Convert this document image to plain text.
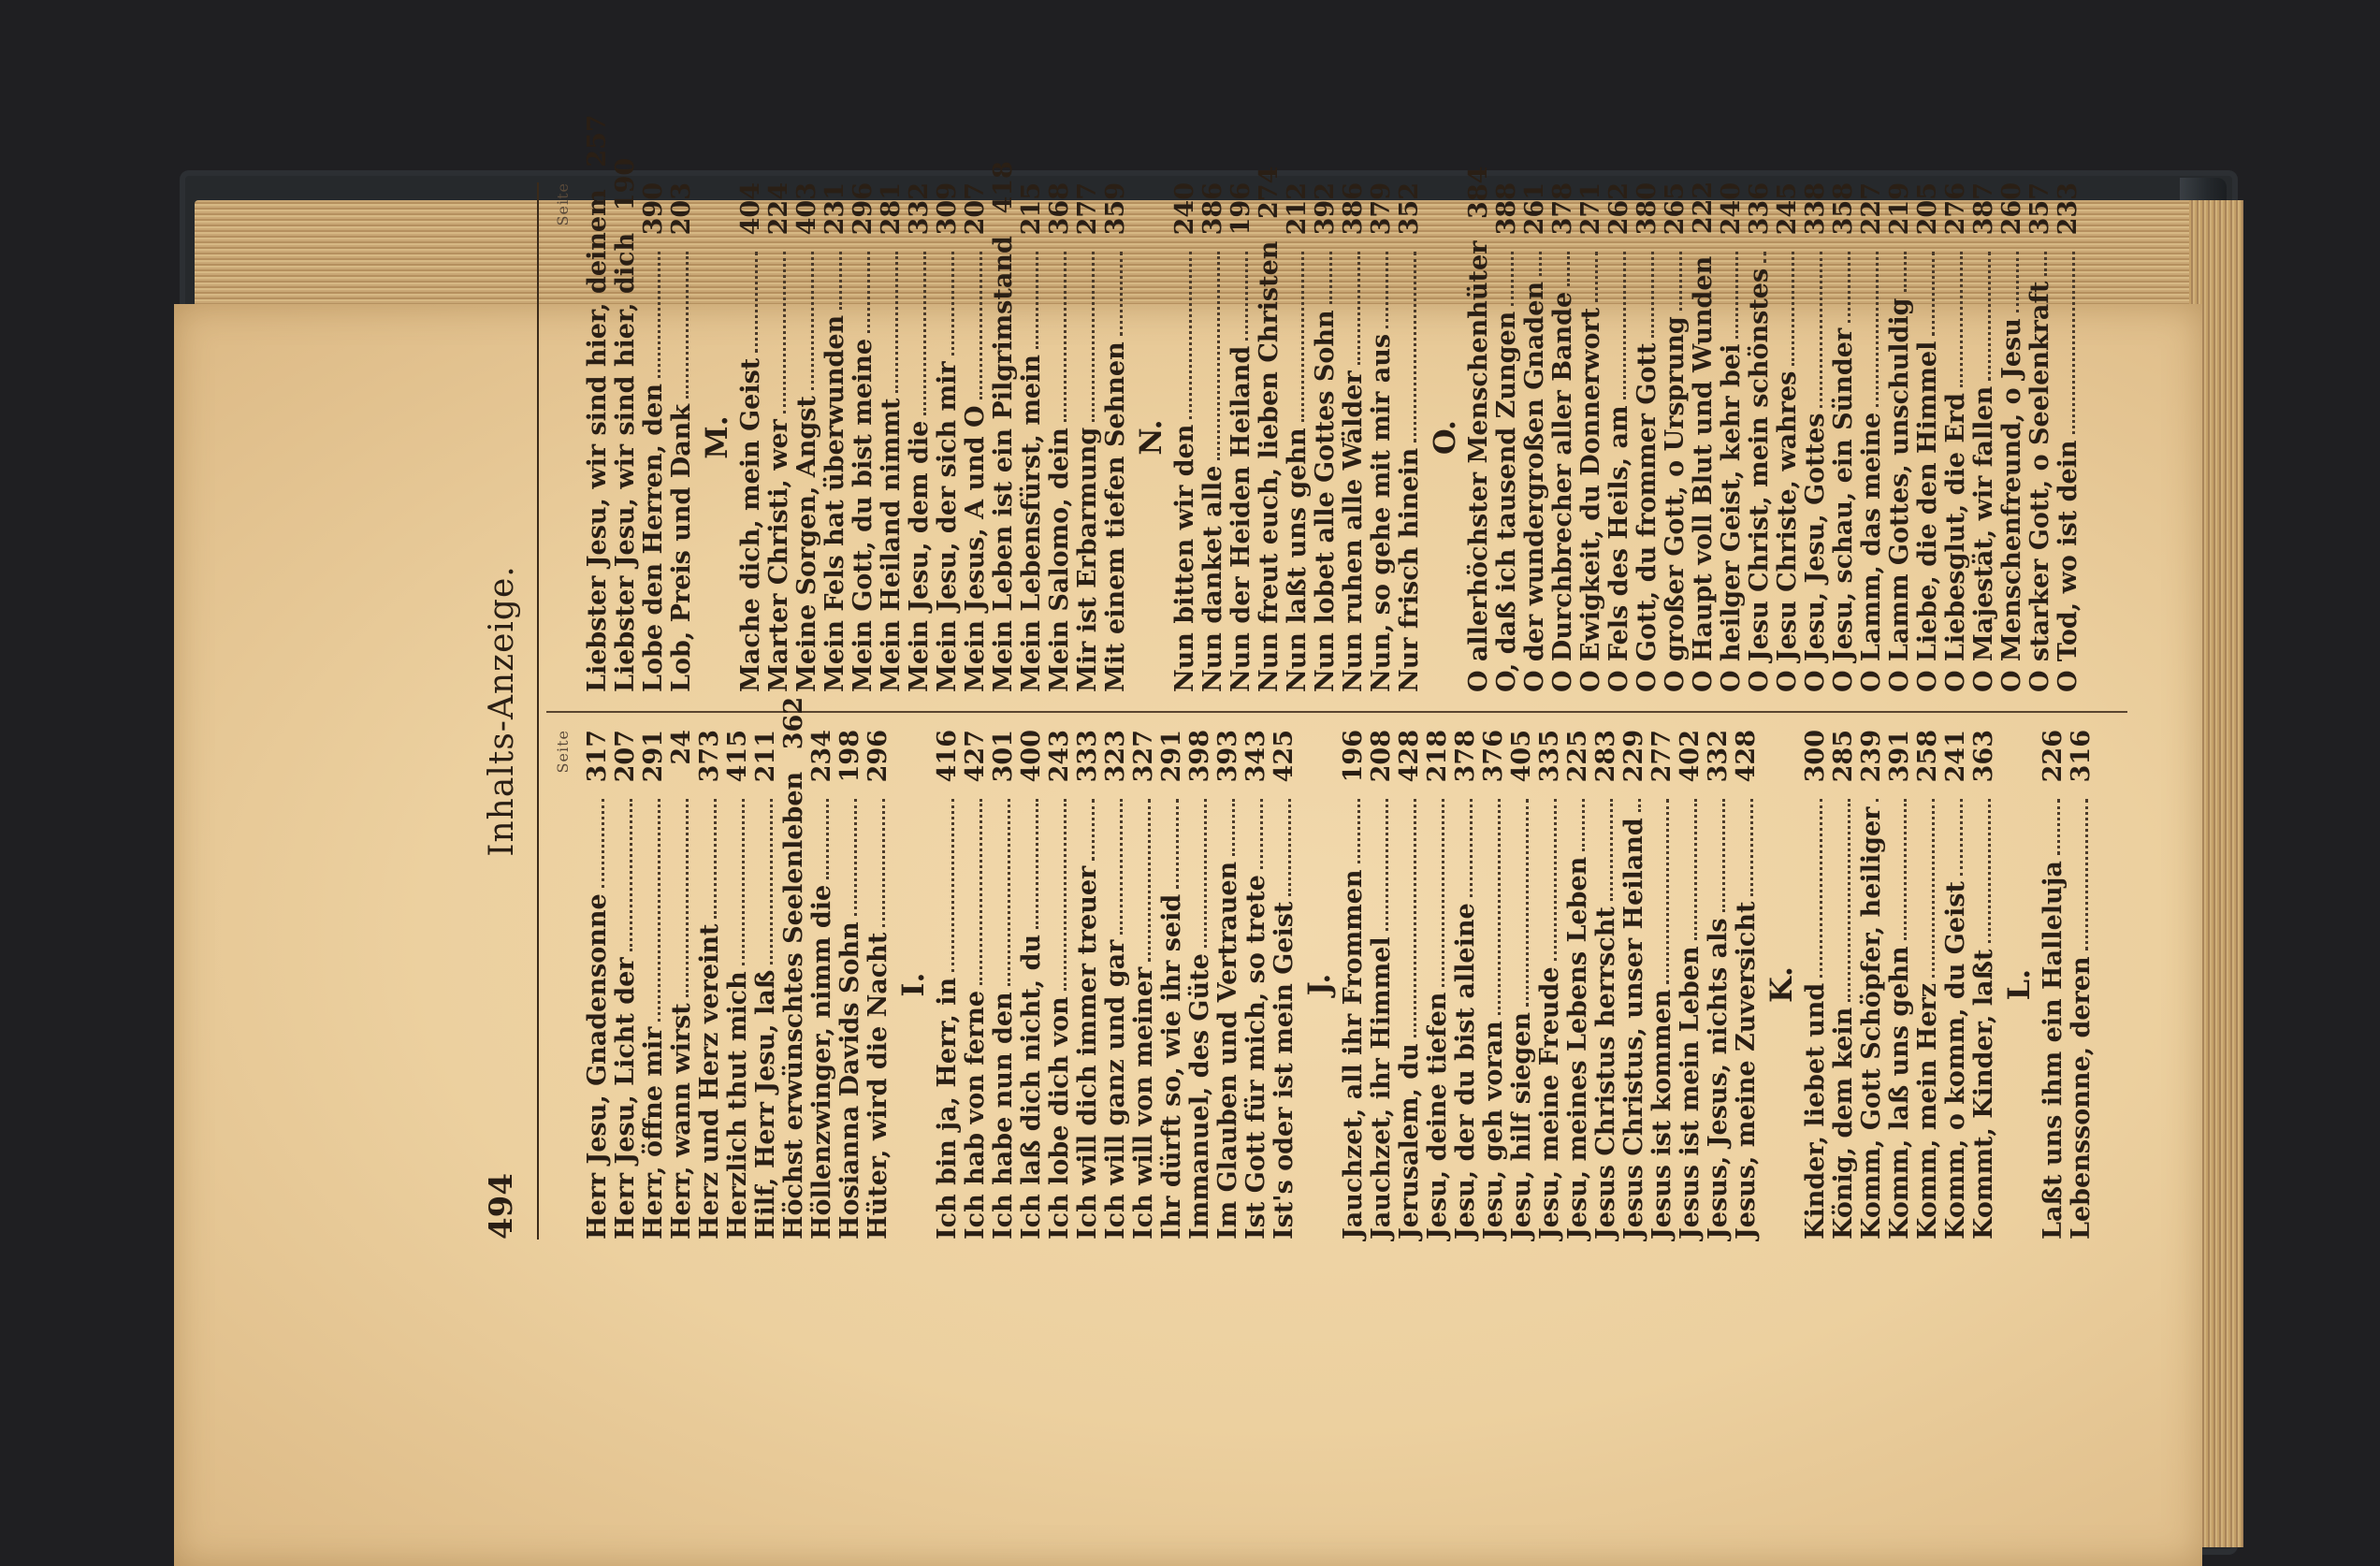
Inhalts-Anzeige.
494
Seite
Herr Jesu, Gnadensonne
317
Herr Jesu, Licht der
207
Herr, öffne mir
291
Herr, wann wirst
24
Herz und Herz vereint
373
Herzlich thut mich
415
Hilf, Herr Jesu, laß
211
Höchst erwünschtes Seelenleben
362
Höllenzwinger, nimm die
234
Hosianna Davids Sohn
198
Hüter, wird die Nacht
296
I. Ich bin ja, Herr, in
416
Ich hab von ferne
427
Ich habe nun den
301
Ich laß dich nicht, du
400
Ich lobe dich von
243
Ich will dich immer treuer
333
Ich will ganz und gar
323
Ich will von meiner
327
Ihr dürft so, wie ihr seid
291
Immanuel, des Güte
398
Im Glauben und Vertrauen
393
Ist Gott für mich, so trete
343
Ist's oder ist mein Geist
425
J. Jauchzet, all ihr Frommen
196
Jauchzet, ihr Himmel
208
Jerusalem, du
428
Jesu, deine tiefen
218
Jesu, der du bist alleine
378
Jesu, geh voran
376
Jesu, hilf siegen
405
Jesu, meine Freude
335
Jesu, meines Lebens Leben
225
Jesus Christus herrscht
283
Jesus Christus, unser Heiland
229
Jesus ist kommen
277
Jesus ist mein Leben
402
Jesus, Jesus, nichts als
332
Jesus, meine Zuversicht
428
K. Kinder, liebet und
300
König, dem kein
285
Komm, Gott Schöpfer, heiliger
239
Komm, laß uns gehn
391
Komm, mein Herz
258
Komm, o komm, du Geist
241
Kommt, Kinder, laßt
363
L. Laßt uns ihm ein Halleluja
226
Lebenssonne, deren
316
Seite Liebster Jesu, wir sind hier, deinem
257
Liebster Jesu, wir sind hier, dich
190
Lobe den Herren, den
390
Lob, Preis und Dank
203
M. Mache dich, mein Geist
404
Marter Christi, wer
224
Meine Sorgen, Angst
403
Mein Fels hat überwunden
231
Mein Gott, du bist meine
296
Mein Heiland nimmt
281
Mein Jesu, dem die
332
Mein Jesu, der sich mir
309
Mein Jesus, A und O
207
Mein Leben ist ein Pilgrimstand
418
Mein Lebensfürst, mein
215
Mein Salomo, dein
368
Mir ist Erbarmung
277
Mit einem tiefen Sehnen
359
N. Nun bitten wir den
240
Nun danket alle
386
Nun der Heiden Heiland
196
Nun freut euch, lieben Christen
274
Nun laßt uns gehn
212
Nun lobet alle Gottes Sohn
392
Nun ruhen alle Wälder
386
Nun, so gehe mit mir aus
379
Nur frisch hinein
352
O. O allerhöchster Menschenhüter
384
O, daß ich tausend Zungen
388
O der wundergroßen Gnaden
261
O Durchbrecher aller Bande
378
O Ewigkeit, du Donnerwort
271
O Fels des Heils, am
262
O Gott, du frommer Gott
380
O großer Gott, o Ursprung
265
O Haupt voll Blut und Wunden
222
O heilger Geist, kehr bei
240
O Jesu Christ, mein schönstes
336
O Jesu Christe, wahres
245
O Jesu, Jesu, Gottes
338
O Jesu, schau, ein Sünder
358
O Lamm, das meine
227
O Lamm Gottes, unschuldig
219
O Liebe, die den Himmel
205
O Liebesglut, die Erd
276
O Majestät, wir fallen
387
O Menschenfreund, o Jesu
260
O starker Gott, o Seelenkraft
357
O Tod, wo ist dein
233
